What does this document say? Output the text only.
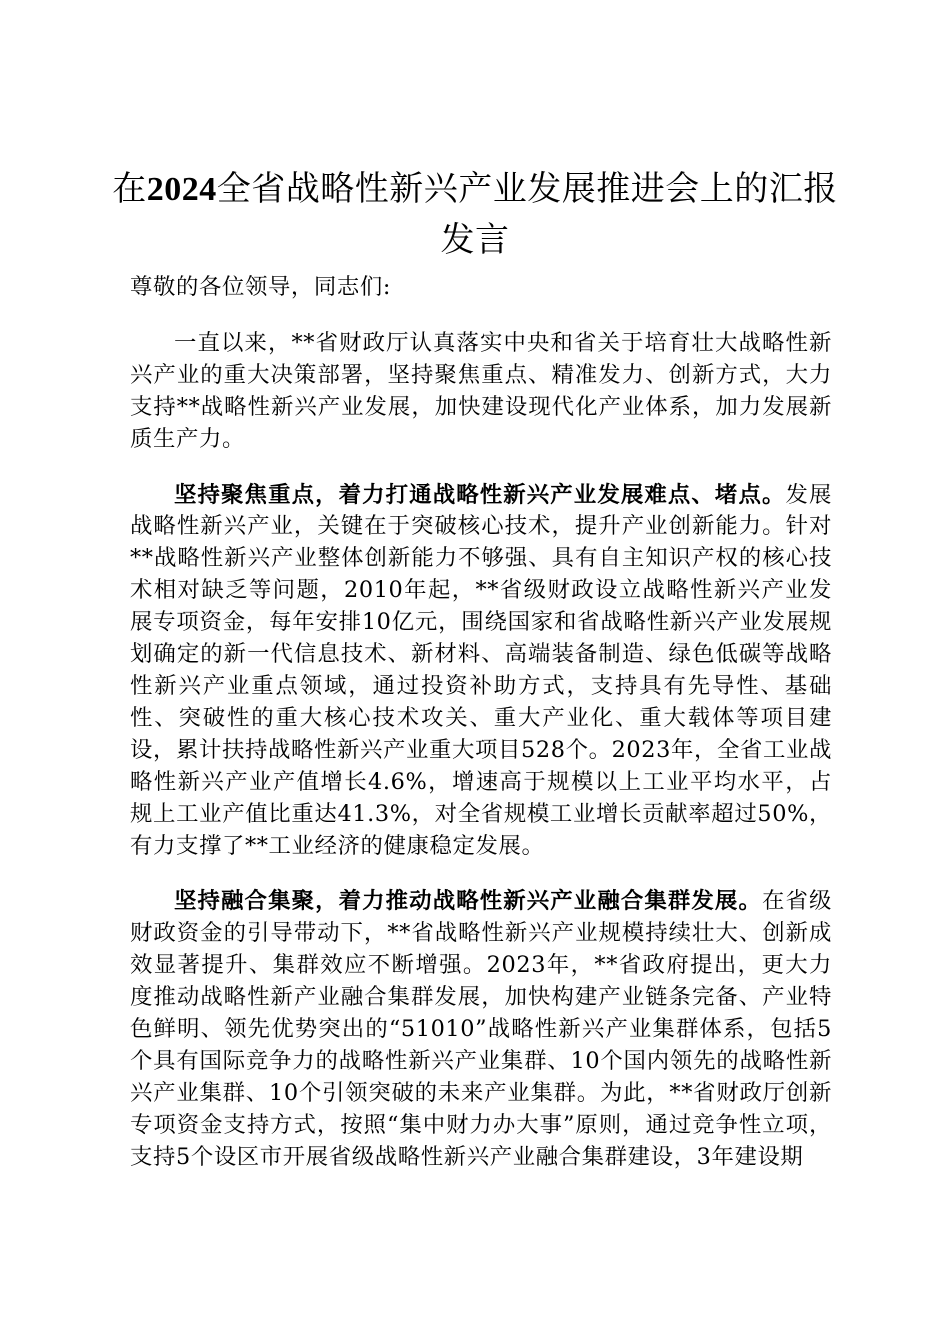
在2024全省战略性新兴产业发展推进会上的汇报发言

尊敬的各位领导，同志们:

一直以来，**省财政厅认真落实中央和省关于培育壮大战略性新兴产业的重大决策部署，坚持聚焦重点、精准发力、创新方式，大力支持**战略性新兴产业发展，加快建设现代化产业体系，加力发展新质生产力。

坚持聚焦重点，着力打通战略性新兴产业发展难点、堵点。发展战略性新兴产业，关键在于突破核心技术，提升产业创新能力。针对**战略性新兴产业整体创新能力不够强、具有自主知识产权的核心技术相对缺乏等问题，2010年起，**省级财政设立战略性新兴产业发展专项资金，每年安排10亿元，围绕国家和省战略性新兴产业发展规划确定的新一代信息技术、新材料、高端装备制造、绿色低碳等战略性新兴产业重点领域，通过投资补助方式，支持具有先导性、基础性、突破性的重大核心技术攻关、重大产业化、重大载体等项目建设，累计扶持战略性新兴产业重大项目528个。2023年，全省工业战略性新兴产业产值增长4.6%，增速高于规模以上工业平均水平，占规上工业产值比重达41.3%，对全省规模工业增长贡献率超过50%，有力支撑了**工业经济的健康稳定发展。

坚持融合集聚，着力推动战略性新兴产业融合集群发展。在省级财政资金的引导带动下，**省战略性新兴产业规模持续壮大、创新成效显著提升、集群效应不断增强。2023年，**省政府提出，更大力度推动战略性新产业融合集群发展，加快构建产业链条完备、产业特色鲜明、领先优势突出的“51010”战略性新兴产业集群体系，包括5个具有国际竞争力的战略性新兴产业集群、10个国内领先的战略性新兴产业集群、10个引领突破的未来产业集群。为此，**省财政厅创新专项资金支持方式，按照“集中财力办大事”原则，通过竞争性立项，支持5个设区市开展省级战略性新兴产业融合集群建设，3年建设期
